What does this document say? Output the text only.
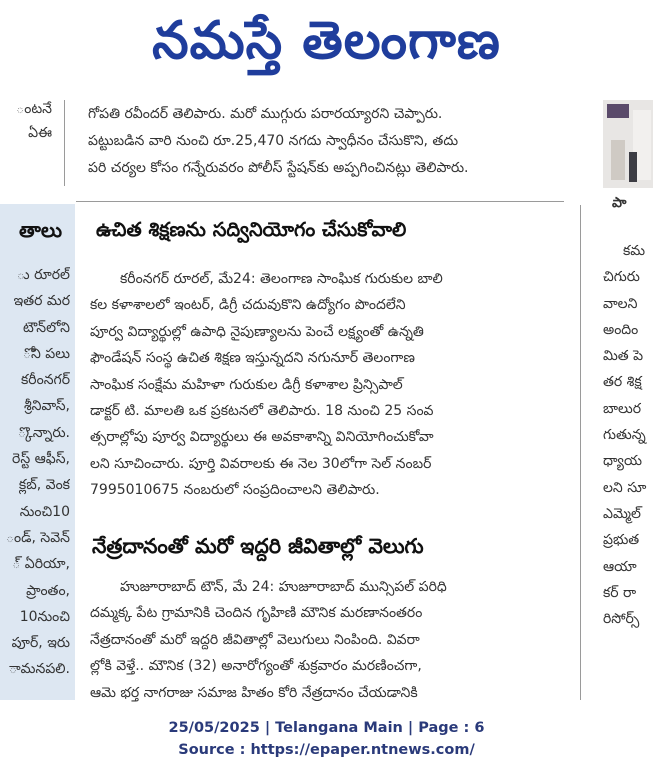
నమస్తే తెలంగాణ

ంటనే

ఏఈ

తాలు

ు రూరల్

ఇతర మర

టౌన్‌లోని

ోని పలు

కరీంనగర్

శ్రీనివాస్,

్కొన్నారు.

రెస్ట్ ఆఫీస్,

క్లబ్, వెంక

నుంచి10

ండ్, సెవెన్

్ ఏరియా,

ప్రాంతం,

10నుంచి

పూర్, ఇరు

ామనపలి.

గోపతి రవీందర్ తెలిపారు. మరో ముగ్గురు పరారయ్యారని చెప్పారు.

పట్టుబడిన వారి నుంచి రూ.25,470 నగదు స్వాధీనం చేసుకొని, తదు

పరి చర్యల కోసం గన్నేరువరం పోలీస్ స్టేషన్‌కు అప్పగించినట్లు తెలిపారు.

ఉచిత శిక్షణను సద్వినియోగం చేసుకోవాలి

కరీంనగర్ రూరల్, మే24: తెలంగాణ సాంఘిక గురుకుల బాలి

కల కళాశాలలో ఇంటర్, డిగ్రీ చదువుకొని ఉద్యోగం పొందలేని

పూర్వ విద్యార్థుల్లో ఉపాధి నైపుణ్యాలను పెంచే లక్ష్యంతో ఉన్నతి

ఫౌండేషన్ సంస్థ ఉచిత శిక్షణ ఇస్తున్నదని నగునూర్ తెలంగాణ

సాంఘిక సంక్షేమ మహిళా గురుకుల డిగ్రీ కళాశాల ప్రిన్సిపాల్

డాక్టర్ టి. మాలతి ఒక ప్రకటనలో తెలిపారు. 18 నుంచి 25 సంవ

త్సరాల్లోపు పూర్వ విద్యార్థులు ఈ అవకాశాన్ని వినియోగించుకోవా

లని సూచించారు. పూర్తి వివరాలకు ఈ నెల 30లోగా సెల్ నంబర్

7995010675 నంబరులో సంప్రదించాలని తెలిపారు.

నేత్రదానంతో మరో ఇద్దరి జీవితాల్లో వెలుగు

హుజూరాబాద్ టౌన్, మే 24: హుజూరాబాద్ మున్సిపల్ పరిధి

దమ్మక్క పేట గ్రామానికి చెందిన గృహిణి మౌనిక మరణానంతరం

నేత్రదానంతో మరో ఇద్దరి జీవితాల్లో వెలుగులు నింపింది. వివరా

ల్లోకి వెళ్తే.. మౌనిక (32) అనారోగ్యంతో శుక్రవారం మరణించగా,

ఆమె భర్త నాగరాజు సమాజ హితం కోరి నేత్రదానం చేయడానికి

పా

కమ

చిగురు

వాలని

అందిం

మిత పె

తర శిక్ష

బాలుర

గుతున్న

ధ్యాయ

లని సూ

ఎమ్మెల్

ప్రభుత

ఆయా

కర్ రా

రిసోర్స్

25/05/2025 | Telangana Main | Page : 6
Source : https://epaper.ntnews.com/
